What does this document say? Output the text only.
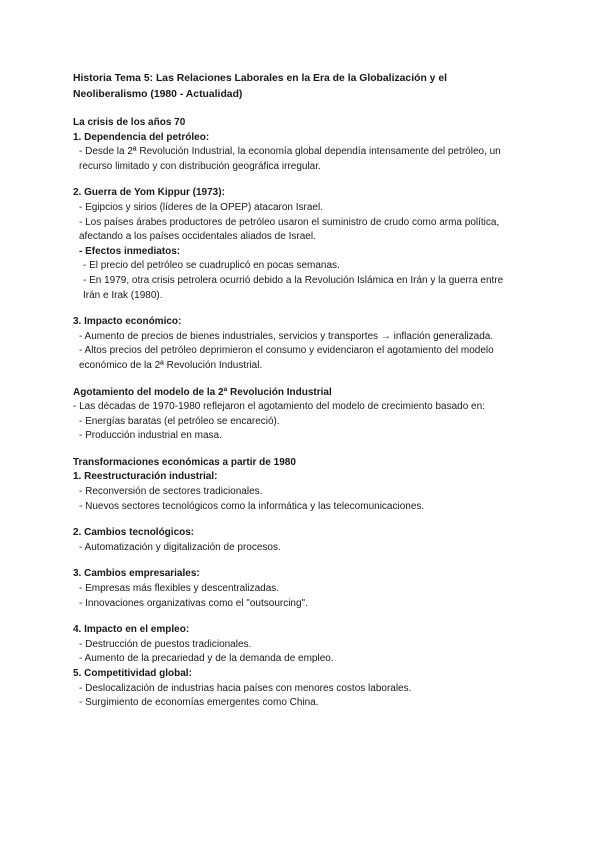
Historia Tema 5: Las Relaciones Laborales en la Era de la Globalización y el Neoliberalismo (1980 - Actualidad)
La crisis de los años 70
1. Dependencia del petróleo:
- Desde la 2ª Revolución Industrial, la economía global dependía intensamente del petróleo, un recurso limitado y con distribución geográfica irregular.
2. Guerra de Yom Kippur (1973):
- Egipcios y sirios (líderes de la OPEP) atacaron Israel.
- Los países árabes productores de petróleo usaron el suministro de crudo como arma política, afectando a los países occidentales aliados de Israel.
- Efectos inmediatos:
- El precio del petróleo se cuadruplicó en pocas semanas.
- En 1979, otra crisis petrolera ocurrió debido a la Revolución Islámica en Irán y la guerra entre Irán e Irak (1980).
3. Impacto económico:
- Aumento de precios de bienes industriales, servicios y transportes → inflación generalizada.
- Altos precios del petróleo deprimieron el consumo y evidenciaron el agotamiento del modelo económico de la 2ª Revolución Industrial.
Agotamiento del modelo de la 2ª Revolución Industrial
- Las décadas de 1970-1980 reflejaron el agotamiento del modelo de crecimiento basado en:
- Energías baratas (el petróleo se encareció).
- Producción industrial en masa.
Transformaciones económicas a partir de 1980
1. Reestructuración industrial:
- Reconversión de sectores tradicionales.
- Nuevos sectores tecnológicos como la informática y las telecomunicaciones.
2. Cambios tecnológicos:
- Automatización y digitalización de procesos.
3. Cambios empresariales:
- Empresas más flexibles y descentralizadas.
- Innovaciones organizativas como el "outsourcing".
4. Impacto en el empleo:
- Destrucción de puestos tradicionales.
- Aumento de la precariedad y de la demanda de empleo.
5. Competitividad global:
- Deslocalización de industrias hacia países con menores costos laborales.
- Surgimiento de economías emergentes como China.
